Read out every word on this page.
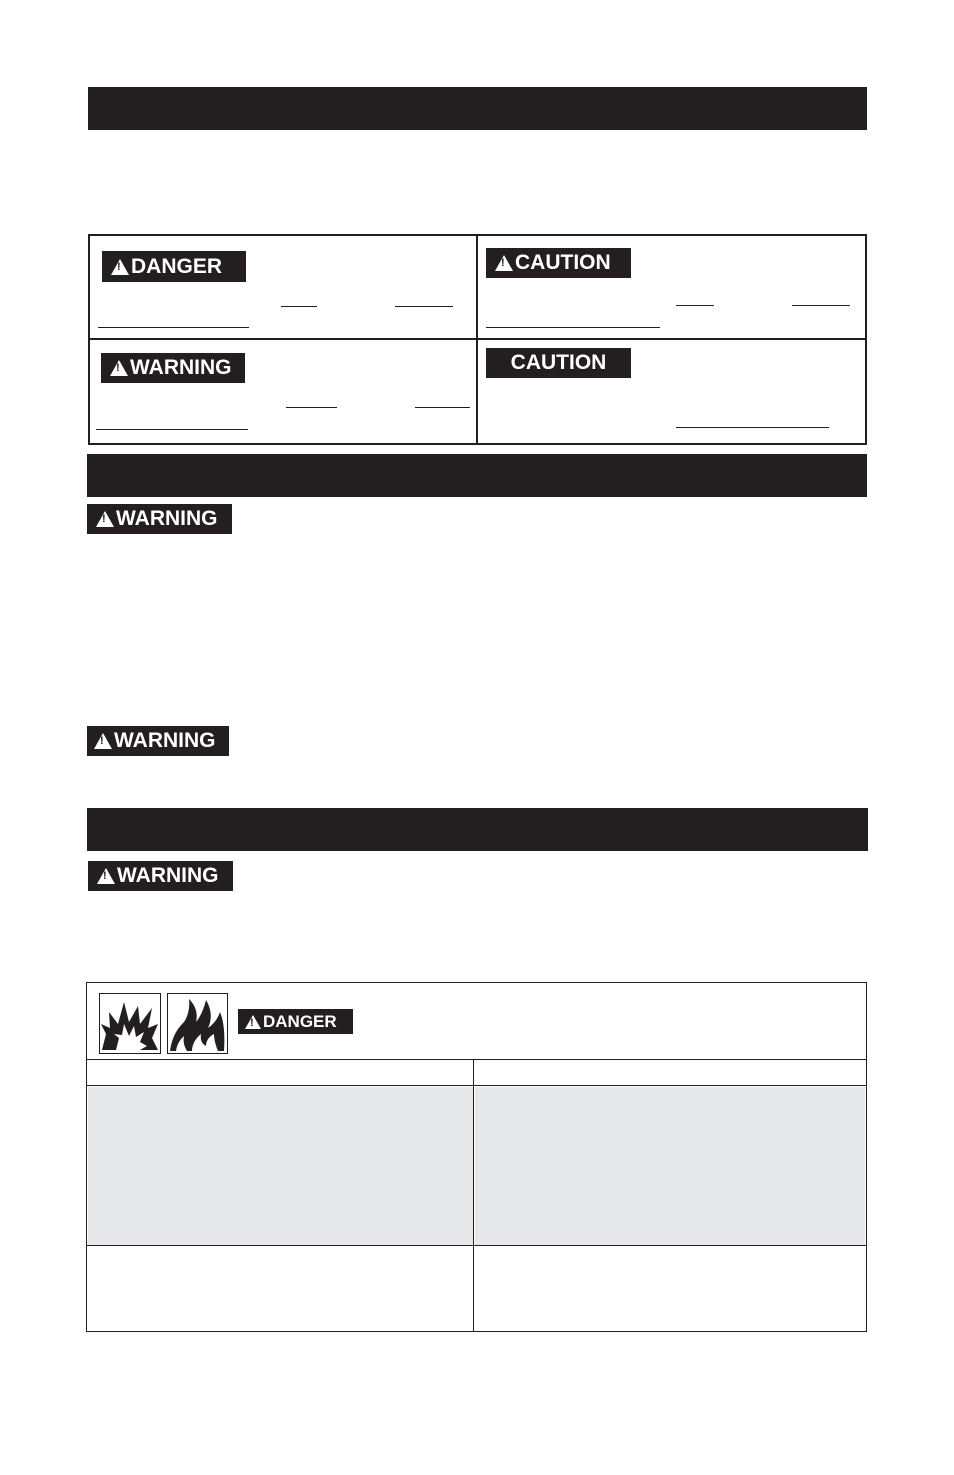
!
DANGER
!	CAUTION
!
WARNING	CAUTION
!
WARNING
!
WARNING
!
WARNING
!
DANGER
